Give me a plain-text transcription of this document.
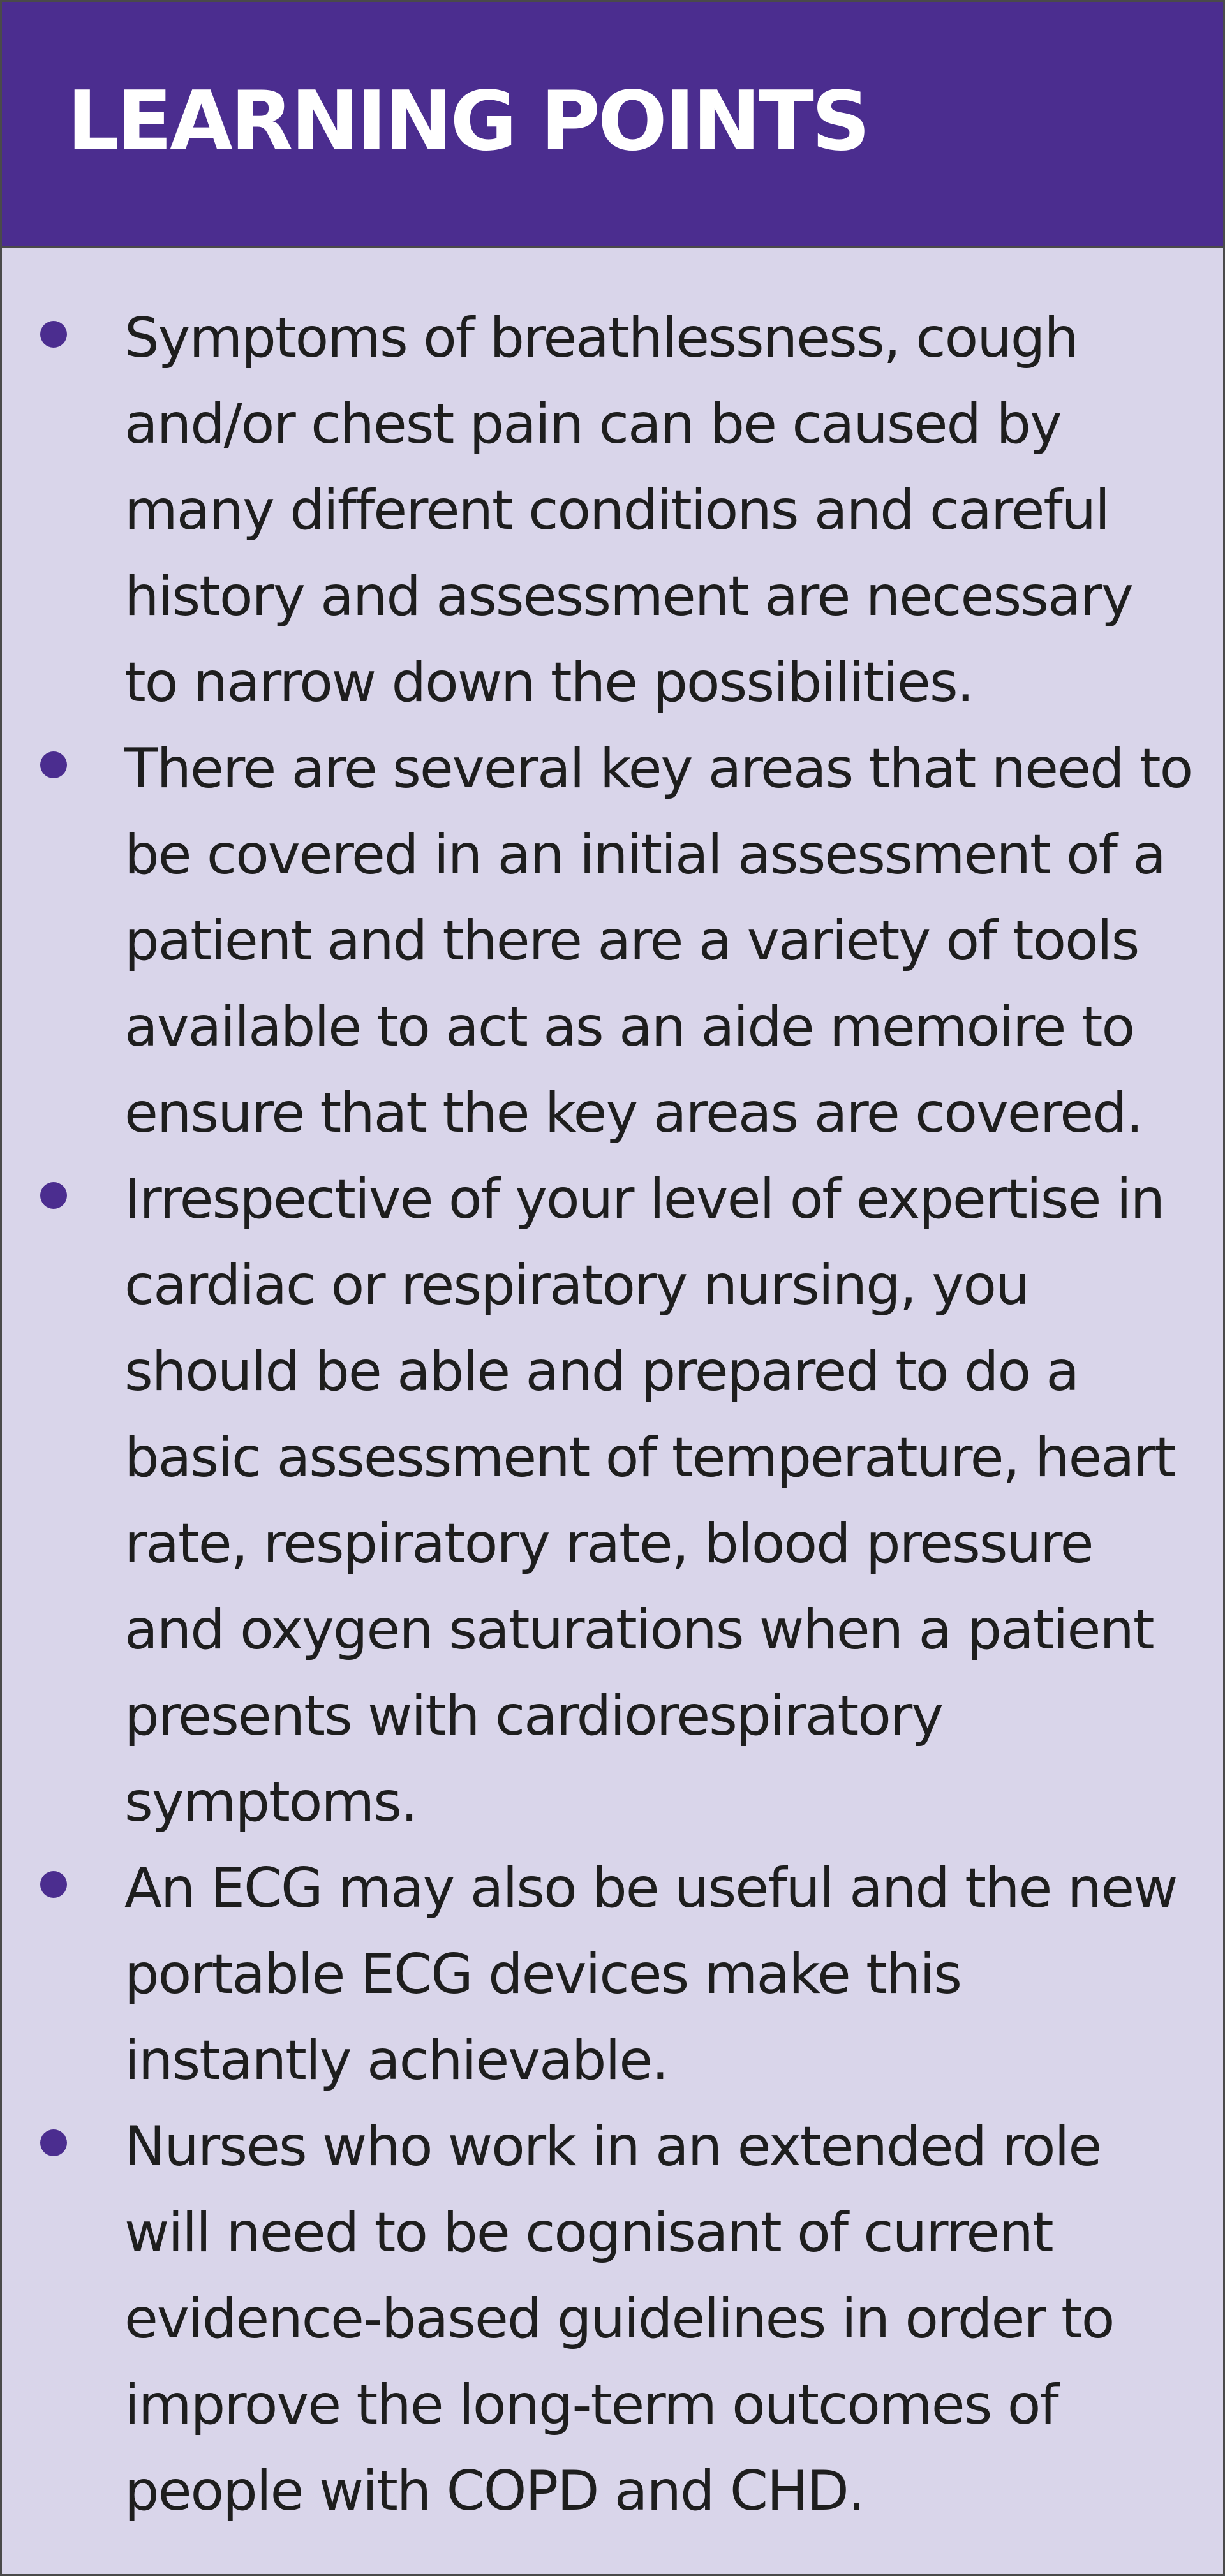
LEARNING POINTS
Symptoms of breathlessness, cough and/or chest pain can be caused by many different conditions and careful history and assessment are necessary to narrow down the possibilities.
There are several key areas that need to be covered in an initial assessment of a patient and there are a variety of tools available to act as an aide memoire to ensure that the key areas are covered.
Irrespective of your level of expertise in cardiac or respiratory nursing, you should be able and prepared to do a basic assessment of temperature, heart rate, respiratory rate, blood pressure and oxygen saturations when a patient presents with cardiorespiratory symptoms.
An ECG may also be useful and the new portable ECG devices make this instantly achievable.
Nurses who work in an extended role will need to be cognisant of current evidence-based guidelines in order to improve the long-term outcomes of people with COPD and CHD.
